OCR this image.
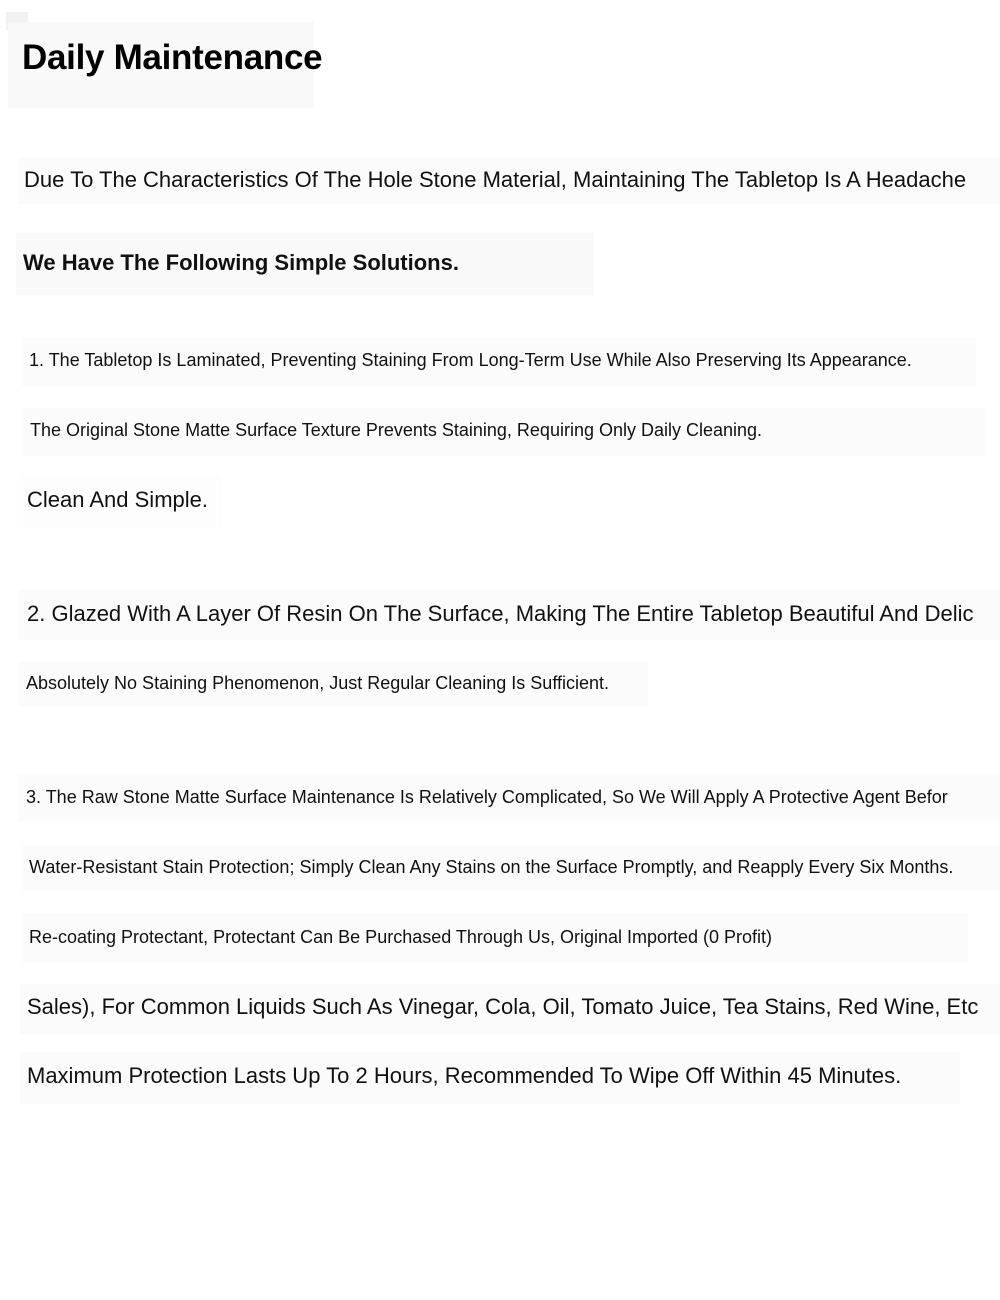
Daily Maintenance

Due To The Characteristics Of The Hole Stone Material, Maintaining The Tabletop Is A Headache

We Have The Following Simple Solutions.

1. The Tabletop Is Laminated, Preventing Staining From Long-Term Use While Also Preserving Its Appearance.

The Original Stone Matte Surface Texture Prevents Staining, Requiring Only Daily Cleaning.

Clean And Simple.

2. Glazed With A Layer Of Resin On The Surface, Making The Entire Tabletop Beautiful And Delic

Absolutely No Staining Phenomenon, Just Regular Cleaning Is Sufficient.

3. The Raw Stone Matte Surface Maintenance Is Relatively Complicated, So We Will Apply A Protective Agent Befor

Water-Resistant Stain Protection; Simply Clean Any Stains on the Surface Promptly, and Reapply Every Six Months.

Re-coating Protectant, Protectant Can Be Purchased Through Us, Original Imported (0 Profit)

Sales), For Common Liquids Such As Vinegar, Cola, Oil, Tomato Juice, Tea Stains, Red Wine, Etc

Maximum Protection Lasts Up To 2 Hours, Recommended To Wipe Off Within 45 Minutes.
